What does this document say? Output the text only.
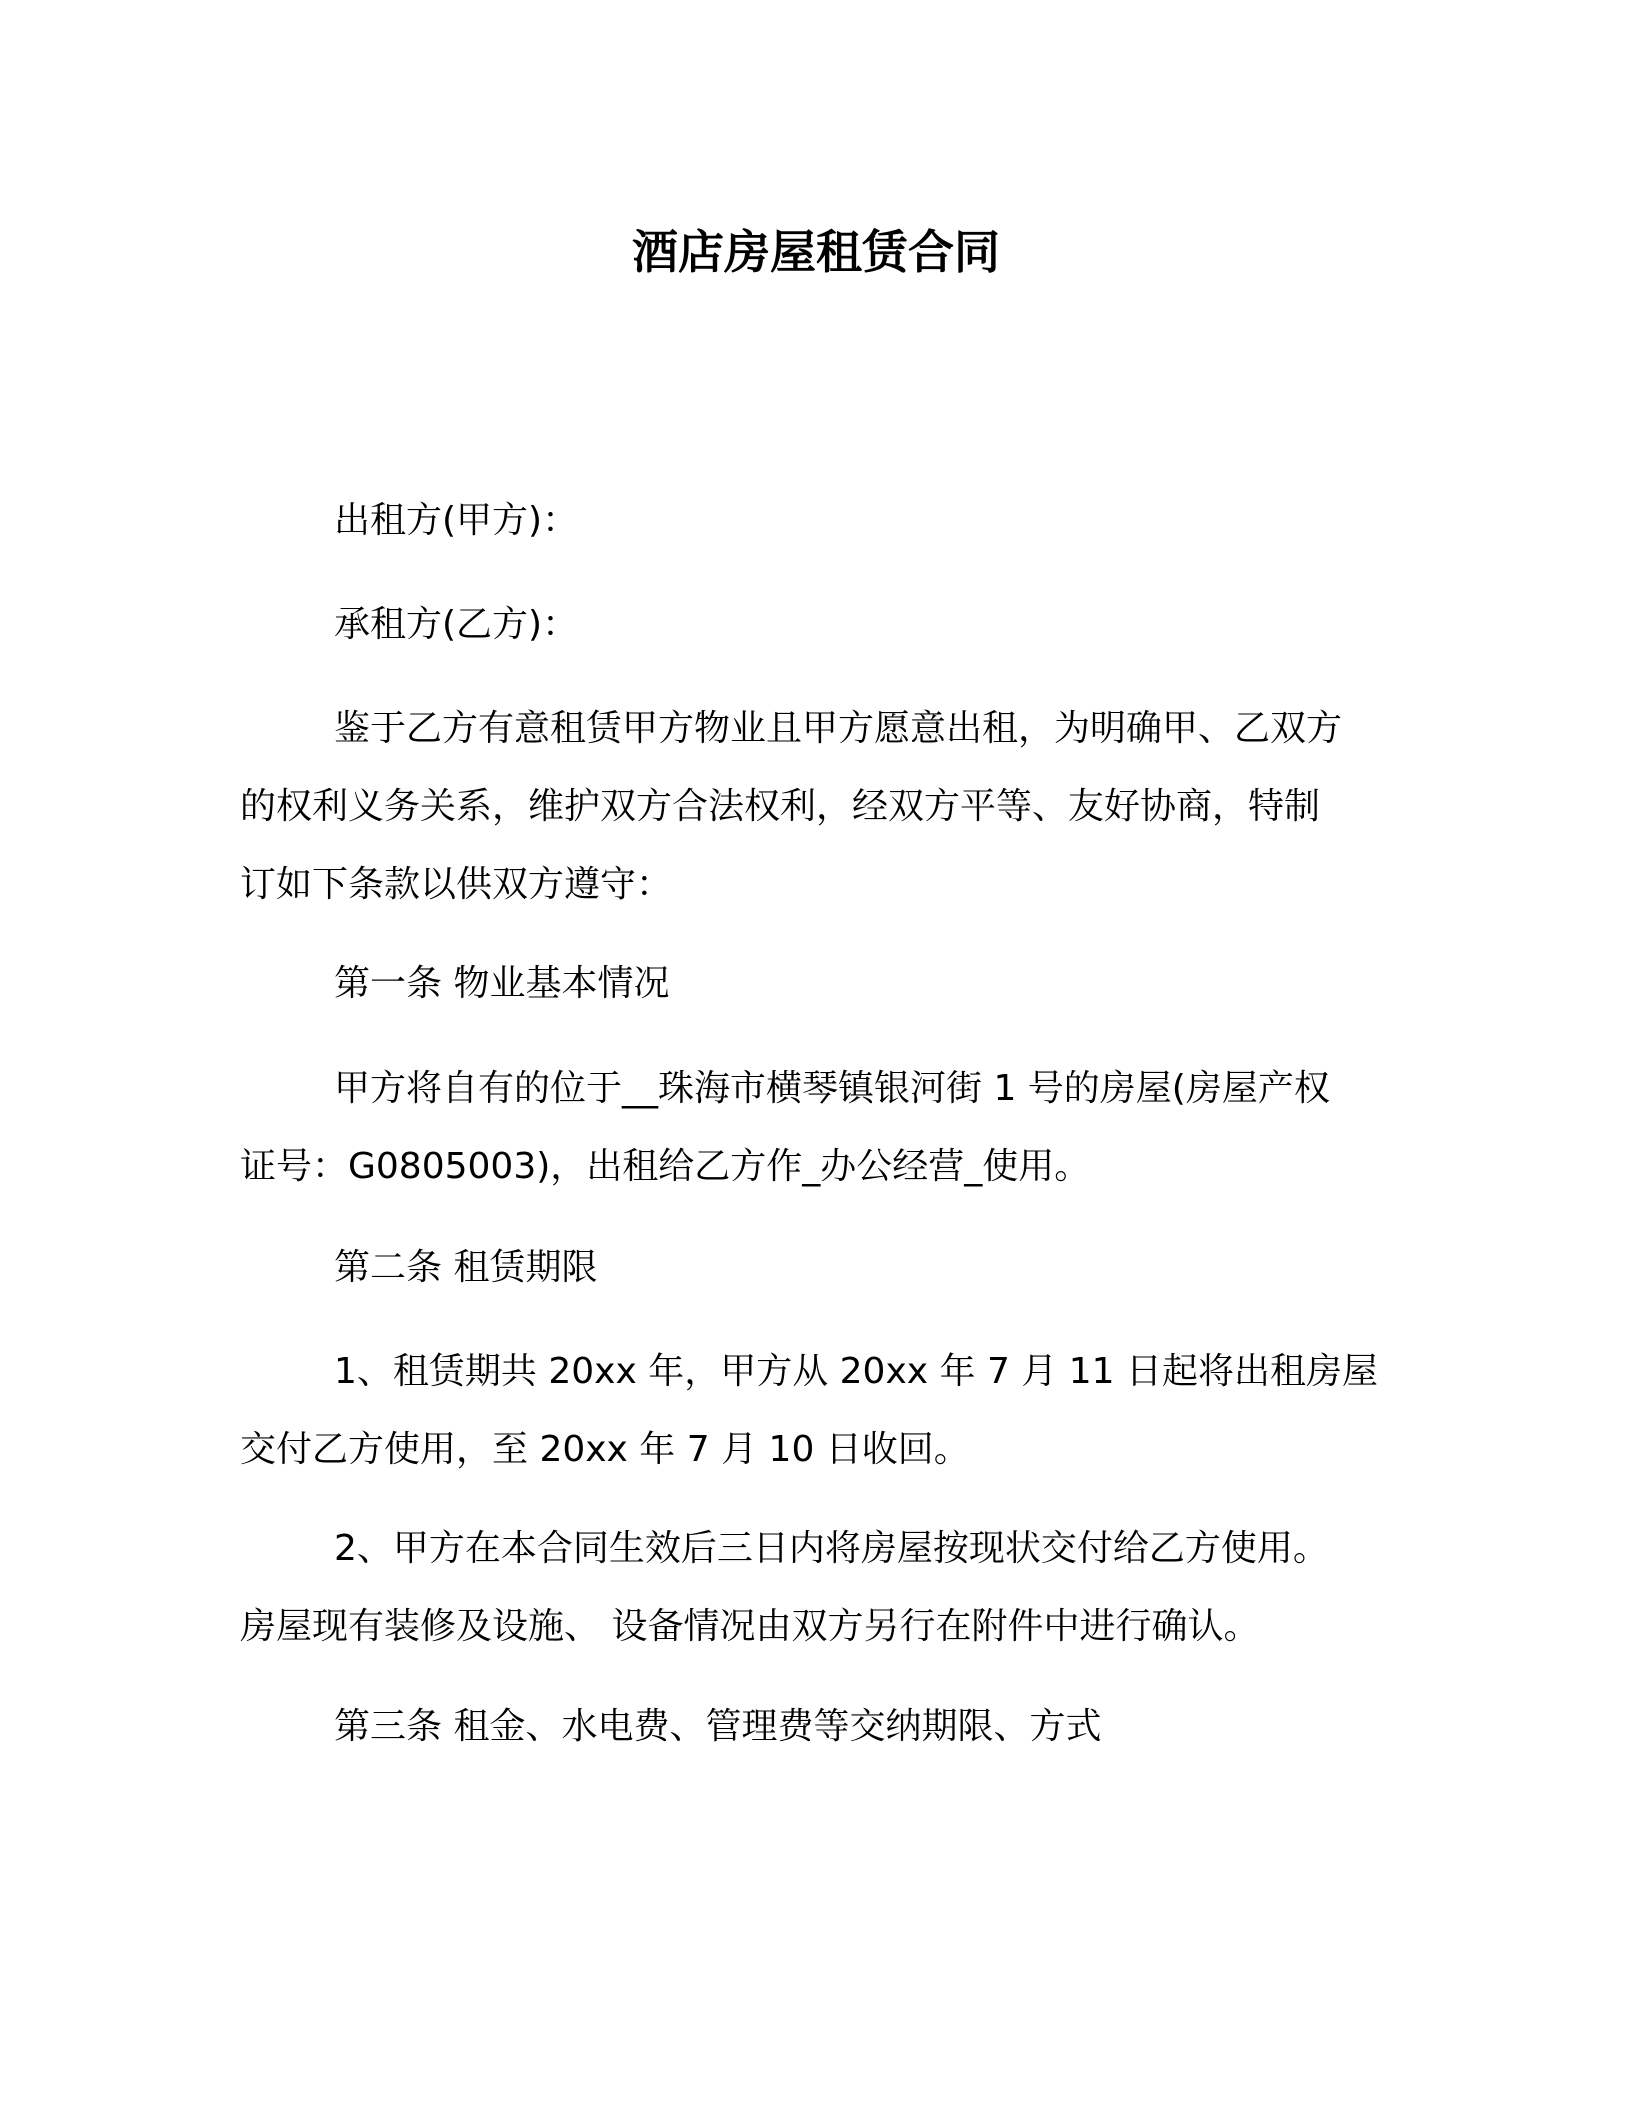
酒店房屋租赁合同
出租方(甲方)：
承租方(乙方)：
鉴于乙方有意租赁甲方物业且甲方愿意出租，为明确甲、乙双方
的权利义务关系，维护双方合法权利，经双方平等、友好协商，特制
订如下条款以供双方遵守：
第一条 物业基本情况
甲方将自有的位于__珠海市横琴镇银河街 1 号的房屋(房屋产权
证号：G0805003)，出租给乙方作_办公经营_使用。
第二条 租赁期限
1、租赁期共 20xx 年，甲方从 20xx 年 7 月 11 日起将出租房屋
交付乙方使用，至 20xx 年 7 月 10 日收回。
2、甲方在本合同生效后三日内将房屋按现状交付给乙方使用。
房屋现有装修及设施、 设备情况由双方另行在附件中进行确认。
第三条 租金、水电费、管理费等交纳期限、方式
